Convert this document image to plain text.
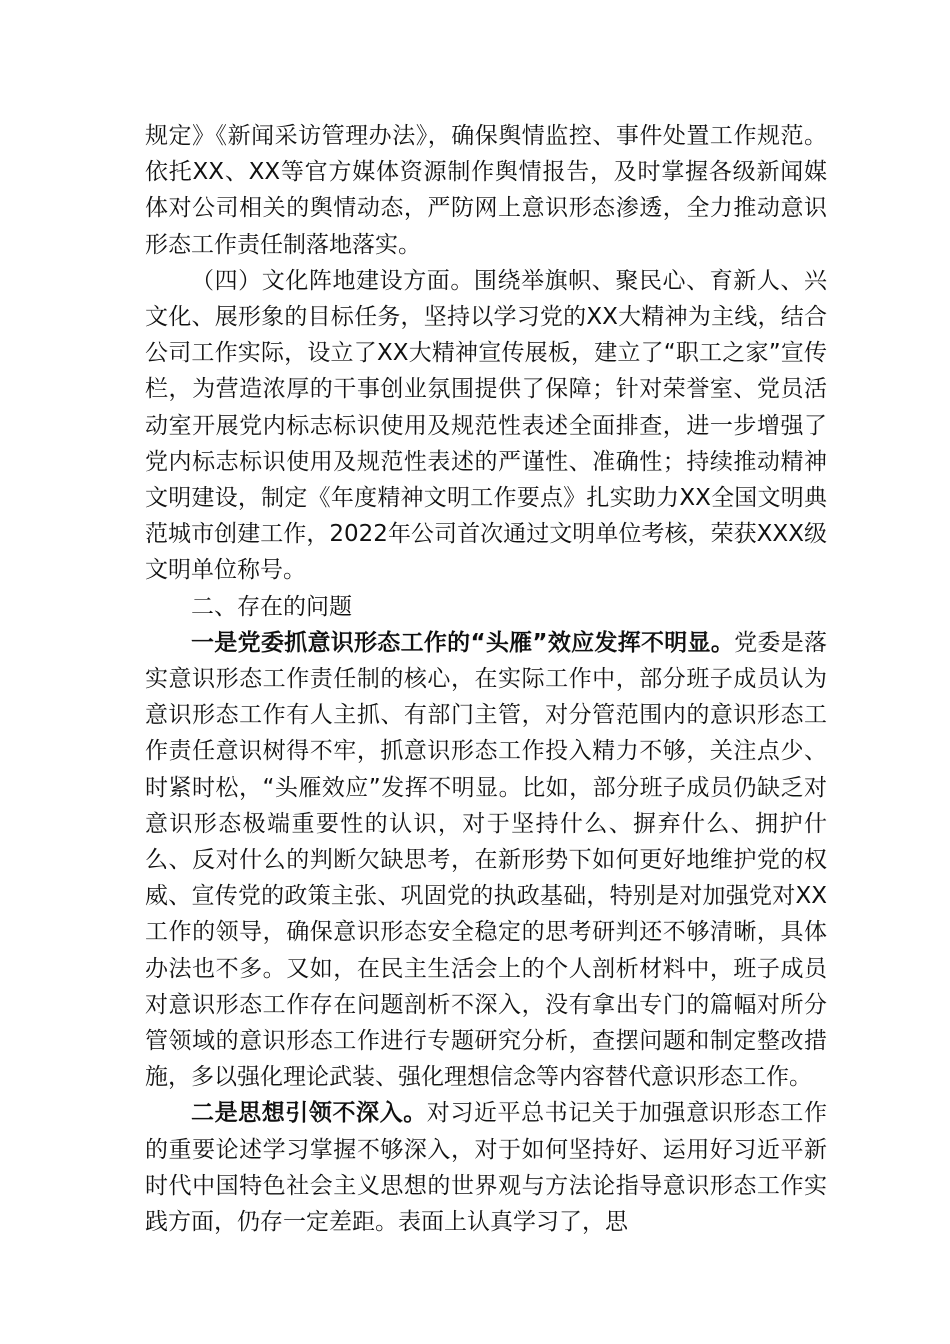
规定》《新闻采访管理办法》，确保舆情监控、事件处置工作规范。依托XX、XX等官方媒体资源制作舆情报告，及时掌握各级新闻媒体对公司相关的舆情动态，严防网上意识形态渗透，全力推动意识形态工作责任制落地落实。

（四）文化阵地建设方面。围绕举旗帜、聚民心、育新人、兴文化、展形象的目标任务，坚持以学习党的XX大精神为主线，结合公司工作实际，设立了XX大精神宣传展板，建立了“职工之家”宣传栏，为营造浓厚的干事创业氛围提供了保障；针对荣誉室、党员活动室开展党内标志标识使用及规范性表述全面排查，进一步增强了党内标志标识使用及规范性表述的严谨性、准确性；持续推动精神文明建设，制定《年度精神文明工作要点》扎实助力XX全国文明典范城市创建工作，2022年公司首次通过文明单位考核，荣获XXX级文明单位称号。

二、存在的问题

一是党委抓意识形态工作的“头雁”效应发挥不明显。党委是落实意识形态工作责任制的核心，在实际工作中，部分班子成员认为意识形态工作有人主抓、有部门主管，对分管范围内的意识形态工作责任意识树得不牢，抓意识形态工作投入精力不够，关注点少、时紧时松，“头雁效应”发挥不明显。比如，部分班子成员仍缺乏对意识形态极端重要性的认识，对于坚持什么、摒弃什么、拥护什么、反对什么的判断欠缺思考，在新形势下如何更好地维护党的权威、宣传党的政策主张、巩固党的执政基础，特别是对加强党对XX工作的领导，确保意识形态安全稳定的思考研判还不够清晰，具体办法也不多。又如，在民主生活会上的个人剖析材料中，班子成员对意识形态工作存在问题剖析不深入，没有拿出专门的篇幅对所分管领域的意识形态工作进行专题研究分析，查摆问题和制定整改措施，多以强化理论武装、强化理想信念等内容替代意识形态工作。

二是思想引领不深入。对习近平总书记关于加强意识形态工作的重要论述学习掌握不够深入，对于如何坚持好、运用好习近平新时代中国特色社会主义思想的世界观与方法论指导意识形态工作实践方面，仍存一定差距。表面上认真学习了，思
